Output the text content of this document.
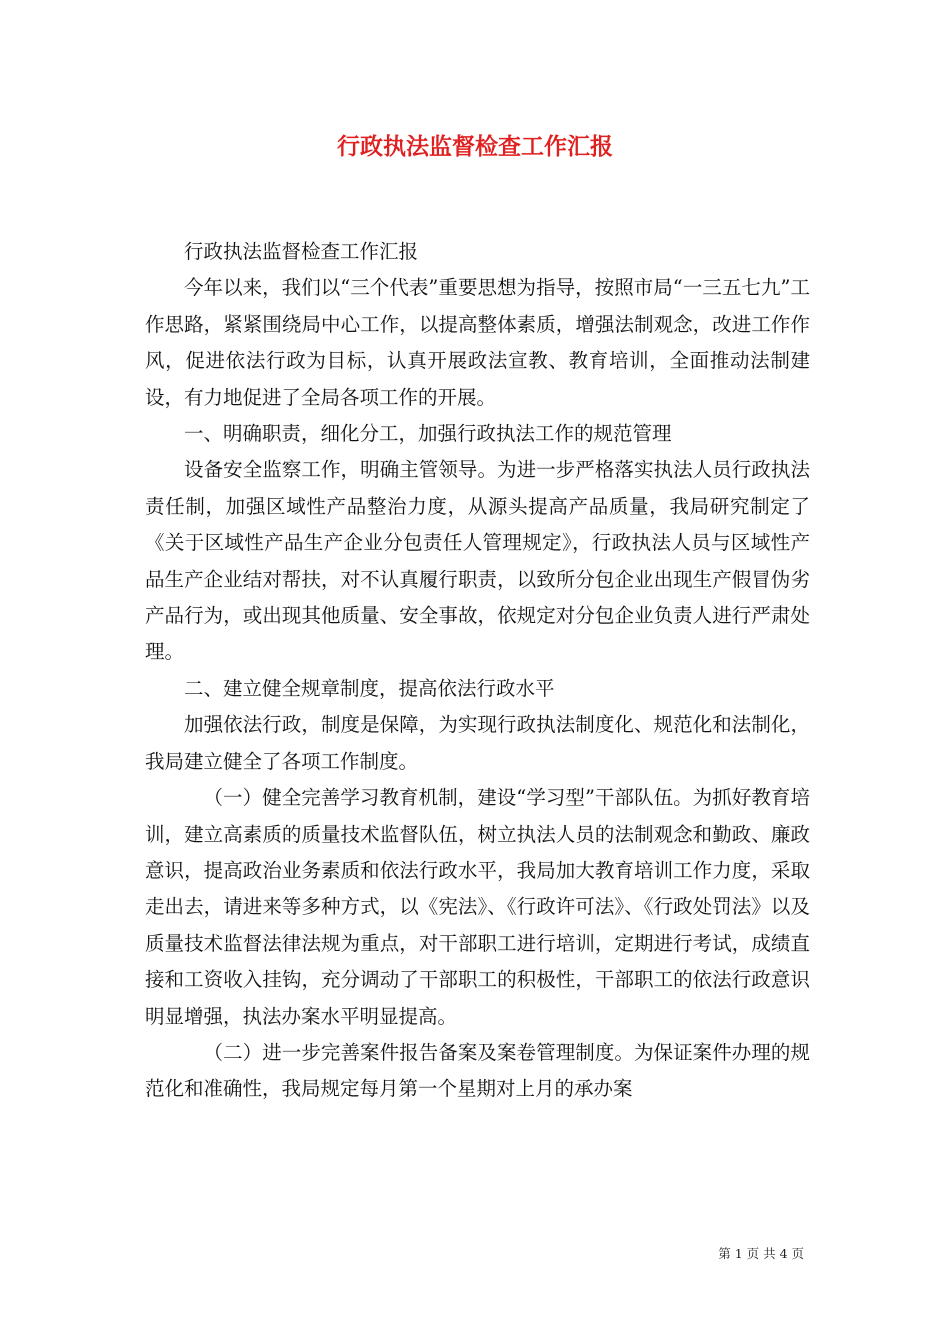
行政执法监督检查工作汇报

行政执法监督检查工作汇报

今年以来，我们以“三个代表”重要思想为指导，按照市局“一三五七九”工作思路，紧紧围绕局中心工作，以提高整体素质，增强法制观念，改进工作作风，促进依法行政为目标，认真开展政法宣教、教育培训，全面推动法制建设，有力地促进了全局各项工作的开展。

一、明确职责，细化分工，加强行政执法工作的规范管理

设备安全监察工作，明确主管领导。为进一步严格落实执法人员行政执法责任制，加强区域性产品整治力度，从源头提高产品质量，我局研究制定了《关于区域性产品生产企业分包责任人管理规定》，行政执法人员与区域性产品生产企业结对帮扶，对不认真履行职责，以致所分包企业出现生产假冒伪劣产品行为，或出现其他质量、安全事故，依规定对分包企业负责人进行严肃处理。

二、建立健全规章制度，提高依法行政水平

加强依法行政，制度是保障，为实现行政执法制度化、规范化和法制化，我局建立健全了各项工作制度。

（一）健全完善学习教育机制，建设“学习型”干部队伍。为抓好教育培训，建立高素质的质量技术监督队伍，树立执法人员的法制观念和勤政、廉政意识，提高政治业务素质和依法行政水平，我局加大教育培训工作力度，采取走出去，请进来等多种方式，以《宪法》、《行政许可法》、《行政处罚法》以及质量技术监督法律法规为重点，对干部职工进行培训，定期进行考试，成绩直接和工资收入挂钩，充分调动了干部职工的积极性，干部职工的依法行政意识明显增强，执法办案水平明显提高。

（二）进一步完善案件报告备案及案卷管理制度。为保证案件办理的规范化和准确性，我局规定每月第一个星期对上月的承办案

第 1 页 共 4 页
